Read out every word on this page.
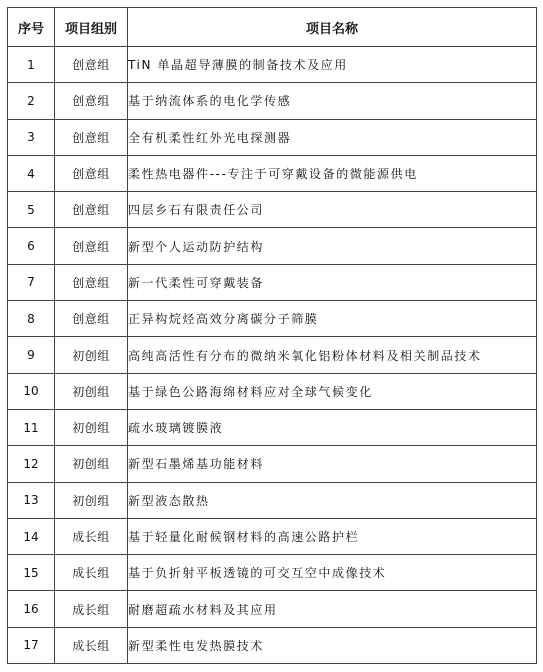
序号	项目组别	项目名称
1	创意组	TiN 单晶超导薄膜的制备技术及应用
2	创意组	基于纳流体系的电化学传感
3	创意组	全有机柔性红外光电探测器
4	创意组	柔性热电器件---专注于可穿戴设备的微能源供电
5	创意组	四层乡石有限责任公司
6	创意组	新型个人运动防护结构
7	创意组	新一代柔性可穿戴装备
8	创意组	正异构烷烃高效分离碳分子筛膜
9	初创组	高纯高活性有分布的微纳米氧化铝粉体材料及相关制品技术
10	初创组	基于绿色公路海绵材料应对全球气候变化
11	初创组	疏水玻璃镀膜液
12	初创组	新型石墨烯基功能材料
13	初创组	新型液态散热
14	成长组	基于轻量化耐候钢材料的高速公路护栏
15	成长组	基于负折射平板透镜的可交互空中成像技术
16	成长组	耐磨超疏水材料及其应用
17	成长组	新型柔性电发热膜技术
